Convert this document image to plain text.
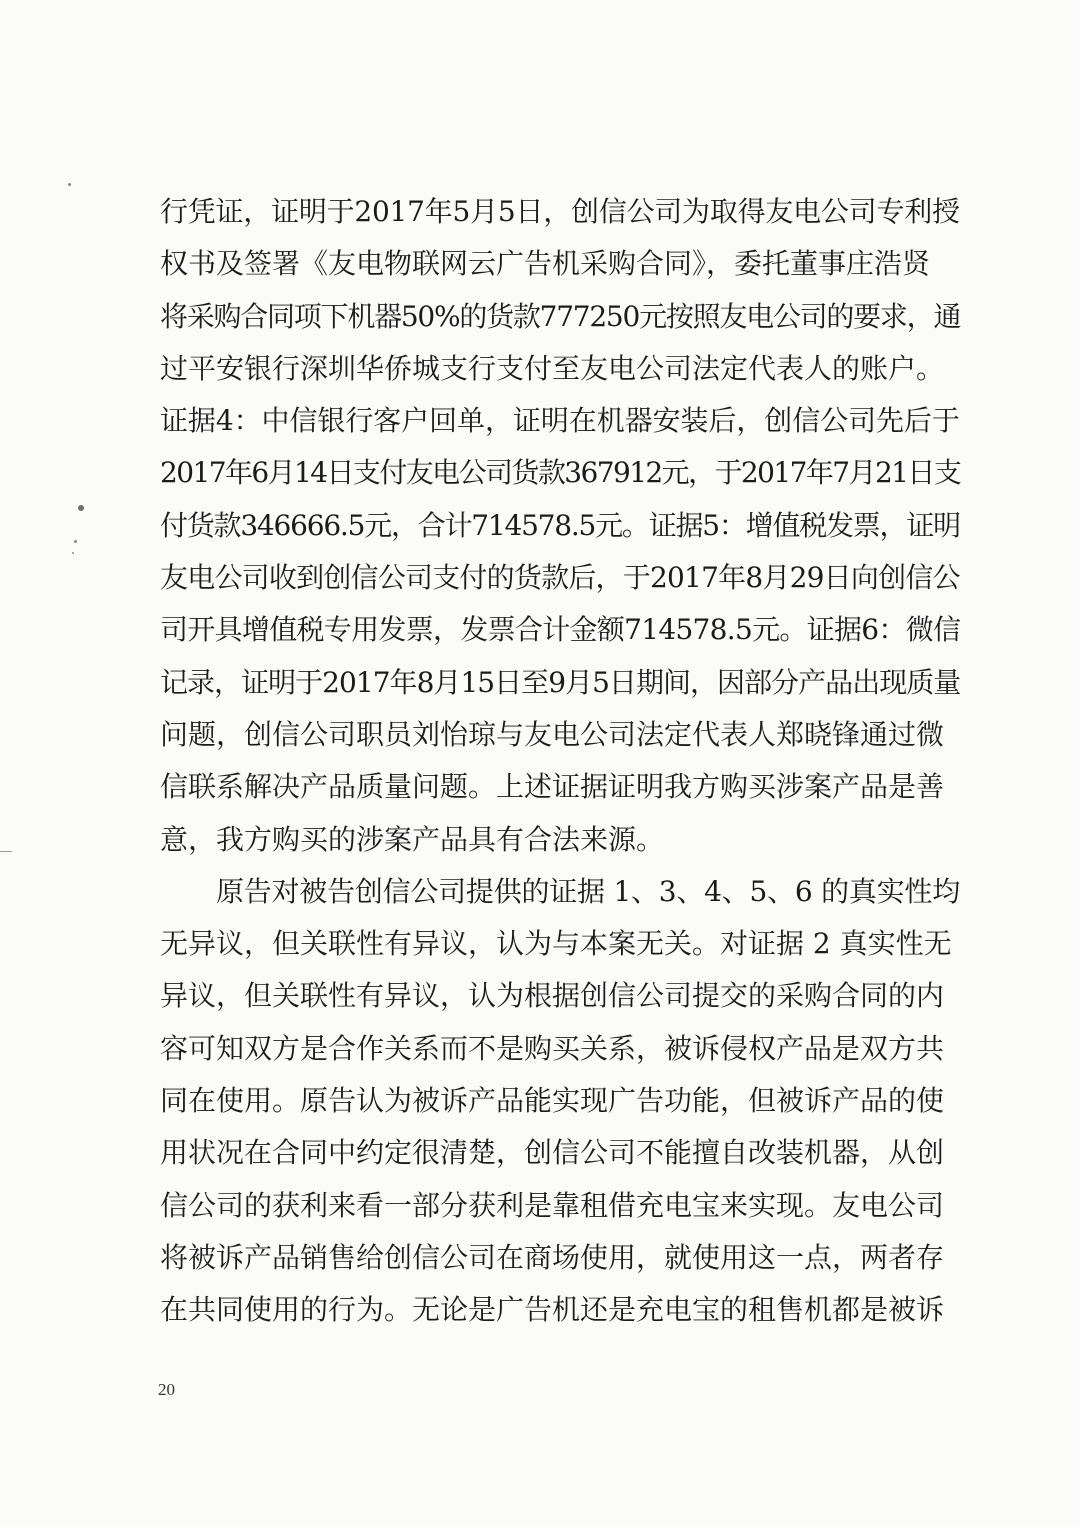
行凭证，证明于2017年5月5日，创信公司为取得友电公司专利授
权书及签署《友电物联网云广告机采购合同》，委托董事庄浩贤
将采购合同项下机器50%的货款777250元按照友电公司的要求，通
过平安银行深圳华侨城支行支付至友电公司法定代表人的账户。
证据4：中信银行客户回单，证明在机器安装后，创信公司先后于
2017年6月14日支付友电公司货款367912元，于2017年7月21日支
付货款346666.5元，合计714578.5元。证据5：增值税发票，证明
友电公司收到创信公司支付的货款后，于2017年8月29日向创信公
司开具增值税专用发票，发票合计金额714578.5元。证据6：微信
记录，证明于2017年8月15日至9月5日期间，因部分产品出现质量
问题，创信公司职员刘怡琼与友电公司法定代表人郑晓锋通过微
信联系解决产品质量问题。上述证据证明我方购买涉案产品是善
意，我方购买的涉案产品具有合法来源。
原告对被告创信公司提供的证据 1、3、4、5、6 的真实性均
无异议，但关联性有异议，认为与本案无关。对证据 2 真实性无
异议，但关联性有异议，认为根据创信公司提交的采购合同的内
容可知双方是合作关系而不是购买关系，被诉侵权产品是双方共
同在使用。原告认为被诉产品能实现广告功能，但被诉产品的使
用状况在合同中约定很清楚，创信公司不能擅自改装机器，从创
信公司的获利来看一部分获利是靠租借充电宝来实现。友电公司
将被诉产品销售给创信公司在商场使用，就使用这一点，两者存
在共同使用的行为。无论是广告机还是充电宝的租售机都是被诉
20
